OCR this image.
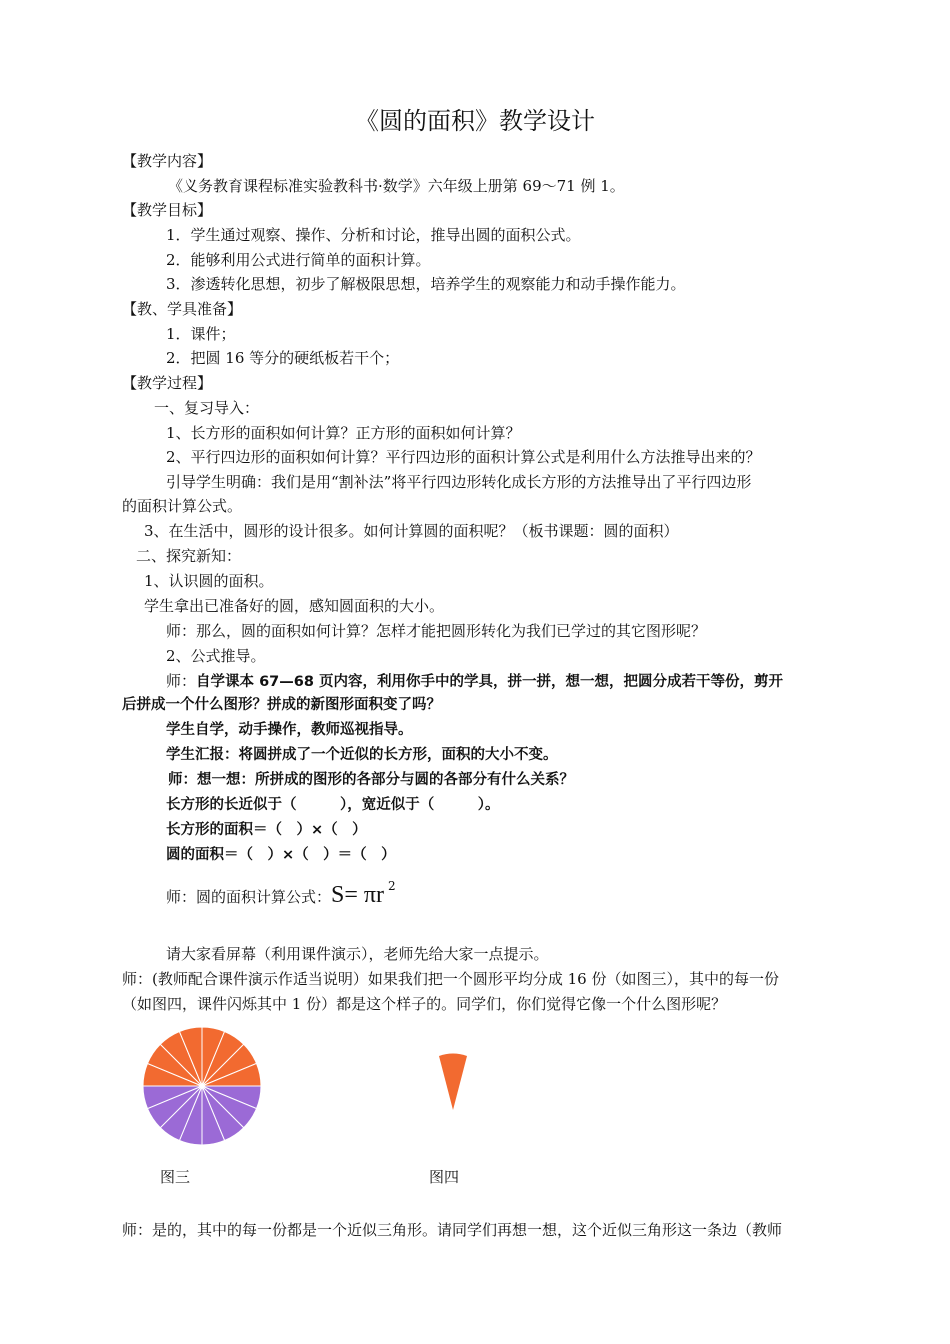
《圆的面积》教学设计
【教学内容】
《义务教育课程标准实验教科书·数学》六年级上册第 69～71 例 1。
【教学目标】
1．学生通过观察、操作、分析和讨论，推导出圆的面积公式。
2．能够利用公式进行简单的面积计算。
3．渗透转化思想，初步了解极限思想，培养学生的观察能力和动手操作能力。
【教、学具准备】
1．课件；
2．把圆 16 等分的硬纸板若干个；
【教学过程】
一、复习导入：
1、长方形的面积如何计算？正方形的面积如何计算？
2、平行四边形的面积如何计算？平行四边形的面积计算公式是利用什么方法推导出来的？
引导学生明确：我们是用“割补法”将平行四边形转化成长方形的方法推导出了平行四边形
的面积计算公式。
3、在生活中，圆形的设计很多。如何计算圆的面积呢？（板书课题：圆的面积）
二、探究新知：
1、认识圆的面积。
学生拿出已准备好的圆，感知圆面积的大小。
师：那么，圆的面积如何计算？怎样才能把圆形转化为我们已学过的其它图形呢？
2、公式推导。
师：自学课本 67—68 页内容，利用你手中的学具，拼一拼，想一想，把圆分成若干等份，剪开
后拼成一个什么图形？拼成的新图形面积变了吗？
学生自学，动手操作，教师巡视指导。
学生汇报：将圆拼成了一个近似的长方形，面积的大小不变。
师：想一想：所拼成的图形的各部分与圆的各部分有什么关系？
长方形的长近似于（　　　），宽近似于（　　　）。
长方形的面积＝（　）×（　）
圆的面积＝（　）×（　）＝（　）
师：圆的面积计算公式：S= πr $^2$
请大家看屏幕（利用课件演示），老师先给大家一点提示。
师：(教师配合课件演示作适当说明）如果我们把一个圆形平均分成 16 份（如图三），其中的每一份
（如图四，课件闪烁其中 1 份）都是这个样子的。同学们，你们觉得它像一个什么图形呢？
图三	图四
师：是的，其中的每一份都是一个近似三角形。请同学们再想一想，这个近似三角形这一条边（教师
